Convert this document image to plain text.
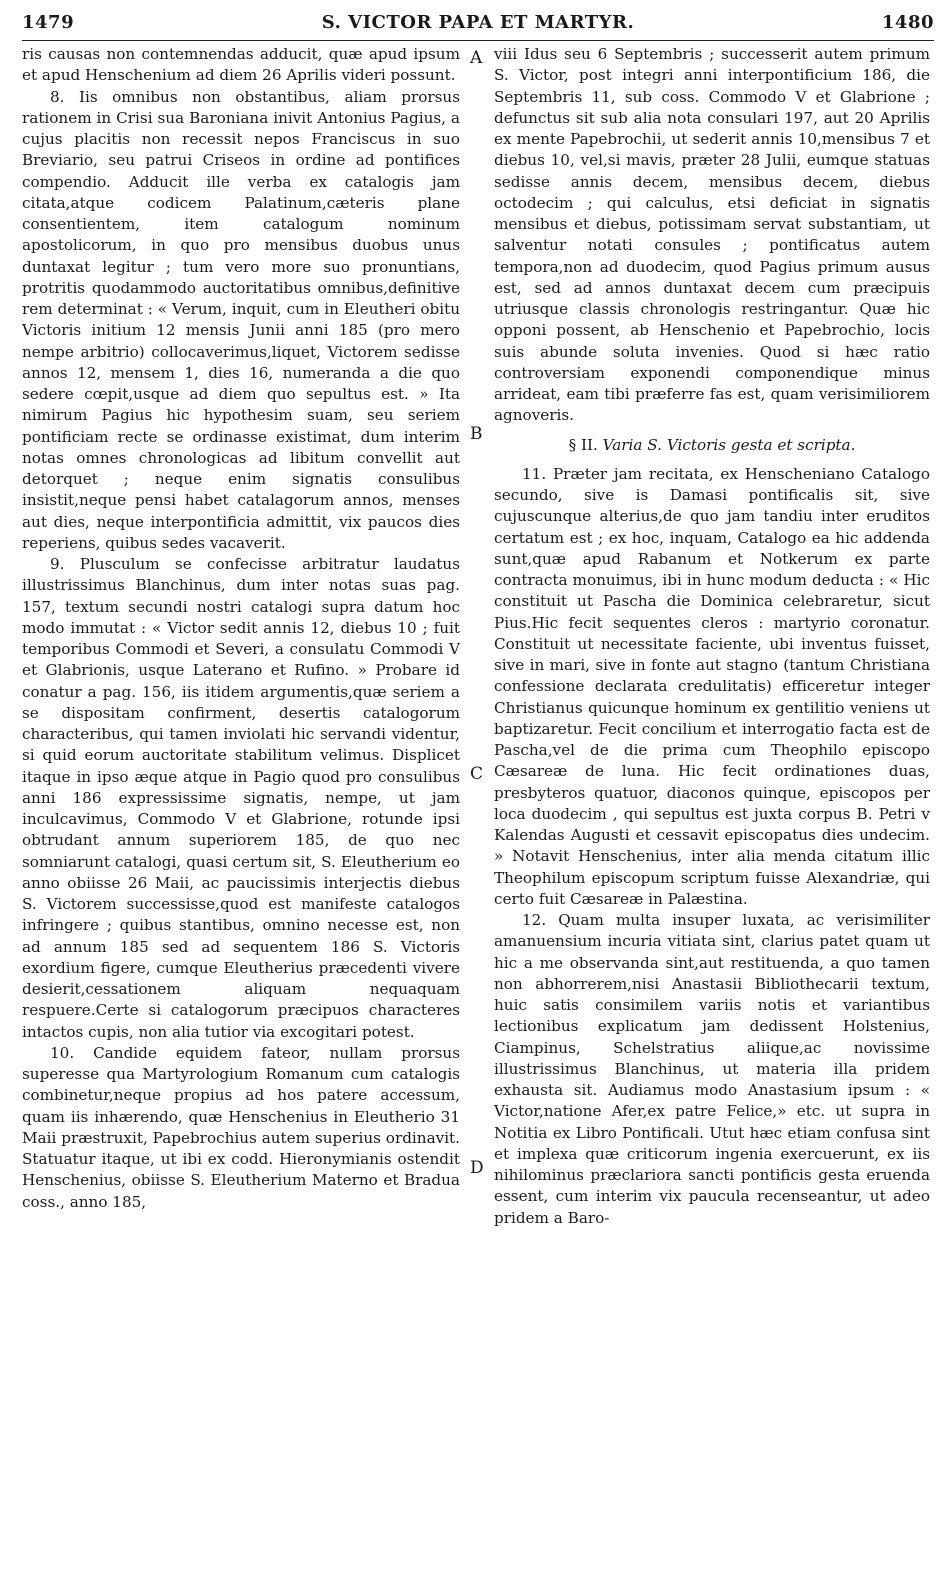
1479	S. VICTOR PAPA ET MARTYR.	1480
A
B
C
D

ris causas non contemnendas adducit, quæ apud ipsum et apud Henschenium ad diem 26 Aprilis videri possunt.

8. Iis omnibus non obstantibus, aliam prorsus rationem in Crisi sua Baroniana inivit Antonius Pagius, a cujus placitis non recessit nepos Franciscus in suo Breviario, seu patrui Criseos in ordine ad pontifices compendio. Adducit ille verba ex catalogis jam citata,atque codicem Palatinum,cæteris plane consentientem, item catalogum nominum apostolicorum, in quo pro mensibus duobus unus duntaxat legitur ; tum vero more suo pronuntians, protritis quodammodo auctoritatibus omnibus,definitive rem determinat : « Verum, inquit, cum in Eleutheri obitu Victoris initium 12 mensis Junii anni 185 (pro mero nempe arbitrio) collocaverimus,liquet, Victorem sedisse annos 12, mensem 1, dies 16, numeranda a die quo sedere cœpit,usque ad diem quo sepultus est. » Ita nimirum Pagius hic hypothesim suam, seu seriem pontificiam recte se ordinasse existimat, dum interim notas omnes chronologicas ad libitum convellit aut detorquet ; neque enim signatis consulibus insistit,neque pensi habet catalagorum annos, menses aut dies, neque interpontificia admittit, vix paucos dies reperiens, quibus sedes vacaverit.

9. Plusculum se confecisse arbitratur laudatus illustrissimus Blanchinus, dum inter notas suas pag. 157, textum secundi nostri catalogi supra datum hoc modo immutat : « Victor sedit annis 12, diebus 10 ; fuit temporibus Commodi et Severi, a consulatu Commodi V et Glabrionis, usque Laterano et Rufino. » Probare id conatur a pag. 156, iis itidem argumentis,quæ seriem a se dispositam confirment, desertis catalogorum characteribus, qui tamen inviolati hic servandi videntur, si quid eorum auctoritate stabilitum velimus. Displicet itaque in ipso æque atque in Pagio quod pro consulibus anni 186 expressissime signatis, nempe, ut jam inculcavimus, Commodo V et Glabrione, rotunde ipsi obtrudant annum superiorem 185, de quo nec somniarunt catalogi, quasi certum sit, S. Eleutherium eo anno obiisse 26 Maii, ac paucissimis interjectis diebus S. Victorem successisse,quod est manifeste catalogos infringere ; quibus stantibus, omnino necesse est, non ad annum 185 sed ad sequentem 186 S. Victoris exordium figere, cumque Eleutherius præcedenti vivere desierit,cessationem aliquam nequaquam respuere.Certe si catalogorum præcipuos characteres intactos cupis, non alia tutior via excogitari potest.

10. Candide equidem fateor, nullam prorsus superesse qua Martyrologium Romanum cum catalogis combinetur,neque propius ad hos patere accessum, quam iis inhærendo, quæ Henschenius in Eleutherio 31 Maii præstruxit, Papebrochius autem superius ordinavit. Statuatur itaque, ut ibi ex codd. Hieronymianis ostendit Henschenius, obiisse S. Eleutherium Materno et Bradua coss., anno 185,

viii Idus seu 6 Septembris ; successerit autem primum S. Victor, post integri anni interpontificium 186, die Septembris 11, sub coss. Commodo V et Glabrione ; defunctus sit sub alia nota consulari 197, aut 20 Aprilis ex mente Papebrochii, ut sederit annis 10,mensibus 7 et diebus 10, vel,si mavis, præter 28 Julii, eumque statuas sedisse annis decem, mensibus decem, diebus octodecim ; qui calculus, etsi deficiat in signatis mensibus et diebus, potissimam servat substantiam, ut salventur notati consules ; pontificatus autem tempora,non ad duodecim, quod Pagius primum ausus est, sed ad annos duntaxat decem cum præcipuis utriusque classis chronologis restringantur. Quæ hic opponi possent, ab Henschenio et Papebrochio, locis suis abunde soluta invenies. Quod si hæc ratio controversiam exponendi componendique minus arrideat, eam tibi præferre fas est, quam verisimiliorem agnoveris.

§ II. Varia S. Victoris gesta et scripta.

11. Præter jam recitata, ex Henscheniano Catalogo secundo, sive is Damasi pontificalis sit, sive cujuscunque alterius,de quo jam tandiu inter eruditos certatum est ; ex hoc, inquam, Catalogo ea hic addenda sunt,quæ apud Rabanum et Notkerum ex parte contracta monuimus, ibi in hunc modum deducta : « Hic constituit ut Pascha die Dominica celebraretur, sicut Pius.Hic fecit sequentes cleros : martyrio coronatur. Constituit ut necessitate faciente, ubi inventus fuisset, sive in mari, sive in fonte aut stagno (tantum Christiana confessione declarata credulitatis) efficeretur integer Christianus quicunque hominum ex gentilitio veniens ut baptizaretur. Fecit concilium et interrogatio facta est de Pascha,vel de die prima cum Theophilo episcopo Cæsareæ de luna. Hic fecit ordinationes duas, presbyteros quatuor, diaconos quinque, episcopos per loca duodecim , qui sepultus est juxta corpus B. Petri v Kalendas Augusti et cessavit episcopatus dies undecim. » Notavit Henschenius, inter alia menda citatum illic Theophilum episcopum scriptum fuisse Alexandriæ, qui certo fuit Cæsareæ in Palæstina.

12. Quam multa insuper luxata, ac verisimiliter amanuensium incuria vitiata sint, clarius patet quam ut hic a me observanda sint,aut restituenda, a quo tamen non abhorrerem,nisi Anastasii Bibliothecarii textum, huic satis consimilem variis notis et variantibus lectionibus explicatum jam dedissent Holstenius, Ciampinus, Schelstratius aliique,ac novissime illustrissimus Blanchinus, ut materia illa pridem exhausta sit. Audiamus modo Anastasium ipsum : « Victor,natione Afer,ex patre Felice,» etc. ut supra in Notitia ex Libro Pontificali. Utut hæc etiam confusa sint et implexa quæ criticorum ingenia exercuerunt, ex iis nihilominus præclariora sancti pontificis gesta eruenda essent, cum interim vix paucula recenseantur, ut adeo pridem a Baro-
